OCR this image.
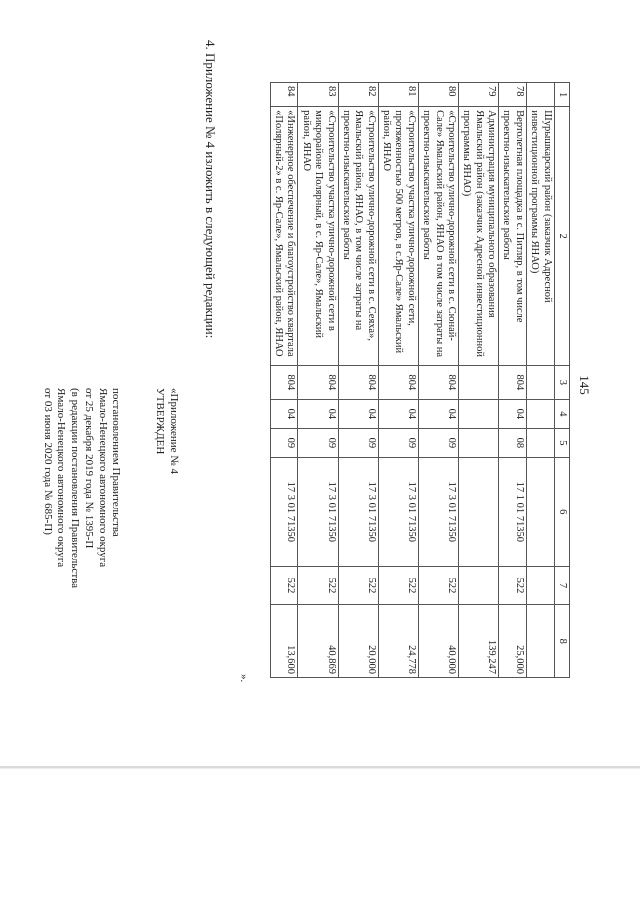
145
1	2	3	4	5	6	7	8
	Шурышкарский район (заказчик Адресной инвестиционной программы ЯНАО)						
78	Вертолетная площадка в с. Питляр, в том числе проектно-изыскательские работы	804	04	08	17 1 01 71350	522	25,000
79	Администрация муниципального образования Ямальский район (заказчик Адресной инвестиционной программы ЯНАО)						139,247
80	«Строительство улично-дорожной сети в с. Сюнай-Сале» Ямальский район, ЯНАО в том числе затраты на проектно-изыскательские работы	804	04	09	17 3 01 71350	522	40,000
81	«Строительство участка улично-дорожной сети, протяженностью 500 метров, в с.Яр-Сале» Ямальский район, ЯНАО	804	04	09	17 3 01 71350	522	24,778
82	«Строительство улично-дорожной сети в с. Сеяха», Ямальский район, ЯНАО, в том числе затраты на проектно-изыскательские работы	804	04	09	17 3 01 71350	522	20,000
83	«Строительство участка улично-дорожной сети в микрорайоне Полярный, в с. Яр-Сале», Ямальский район, ЯНАО	804	04	09	17 3 01 71350	522	40,869
84	«Инженерное обеспечение и благоустройство квартала «Полярный-2» в с. Яр-Сале», Ямальский район, ЯНАО	804	04	09	17 3 01 71350	522	13,600
».
4. Приложение № 4 изложить в следующей редакции:
«Приложение № 4
УТВЕРЖДЕН
постановлением Правительства
Ямало-Ненецкого автономного округа
от 25 декабря 2019 года № 1395-П
(в редакции постановления Правительства
Ямало-Ненецкого автономного округа
от 03 июня 2020 года № 685-П)
